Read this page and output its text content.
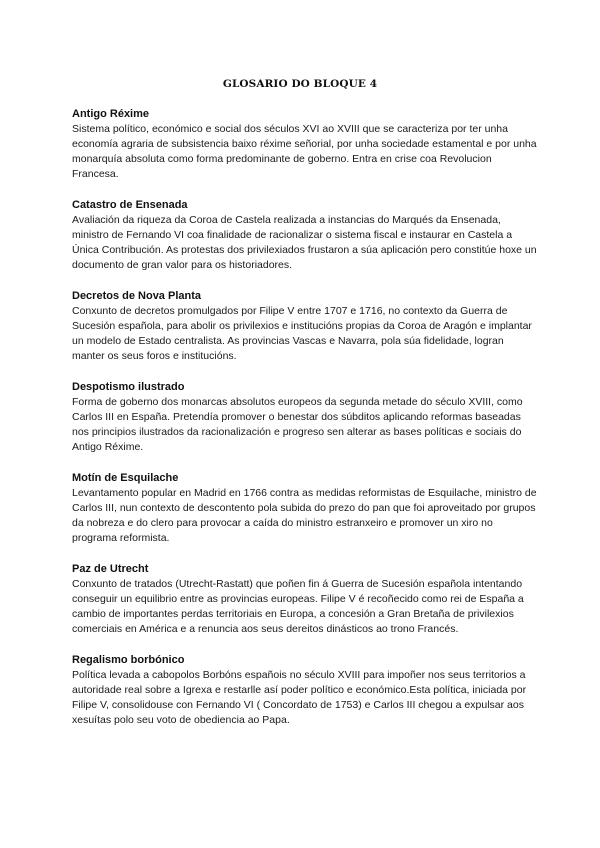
GLOSARIO DO BLOQUE 4
Antigo Réxime
Sistema político, económico e social dos séculos XVI ao XVIII que se caracteriza por ter unha economía agraria de subsistencia baixo réxime señorial, por unha sociedade estamental e por unha monarquía absoluta como forma predominante de goberno. Entra en crise coa Revolucion Francesa.
Catastro de Ensenada
Avaliación da riqueza da Coroa de Castela realizada a instancias do Marqués da Ensenada, ministro de Fernando VI coa finalidade de racionalizar o sistema fiscal e instaurar en Castela a Única Contribución. As protestas dos privilexiados frustaron a súa aplicación pero constitúe hoxe un documento de gran valor para os historiadores.
Decretos de Nova Planta
Conxunto de decretos promulgados por Filipe V entre 1707 e 1716, no contexto da Guerra de Sucesión española, para abolir os privilexios e institucións propias da Coroa de Aragón e implantar un modelo de Estado centralista. As provincias Vascas e Navarra, pola súa fidelidade, logran manter os seus foros e institucións.
Despotismo ilustrado
Forma de goberno dos monarcas absolutos europeos da segunda metade do século XVIII, como Carlos III en España. Pretendía promover o benestar dos súbditos aplicando reformas baseadas nos principios ilustrados da racionalización e progreso sen alterar as bases políticas e sociais do Antigo Réxime.
Motín de Esquilache
Levantamento popular en Madrid en 1766 contra as medidas reformistas de Esquilache, ministro de Carlos III, nun contexto de descontento pola subida do prezo do pan que foi aproveitado por grupos da nobreza e do clero para provocar a caída do ministro estranxeiro e promover un xiro no programa reformista.
Paz de Utrecht
Conxunto de tratados (Utrecht-Rastatt) que poñen fin á Guerra de Sucesión española intentando conseguir un equilibrio entre as provincias europeas. Filipe V é recoñecido como rei de España a cambio de importantes perdas territoriais en Europa, a concesión a Gran Bretaña de privilexios comerciais en América e a renuncia aos seus dereitos dinásticos ao trono Francés.
Regalismo borbónico
Política levada a cabopolos Borbóns españois no século XVIII para impoñer nos seus territorios a autoridade real sobre a Igrexa e restarlle así poder político e económico.Esta política, iniciada por Filipe V, consolidouse con Fernando VI ( Concordato de 1753) e Carlos III chegou a expulsar aos xesuítas polo seu voto de obediencia ao Papa.
